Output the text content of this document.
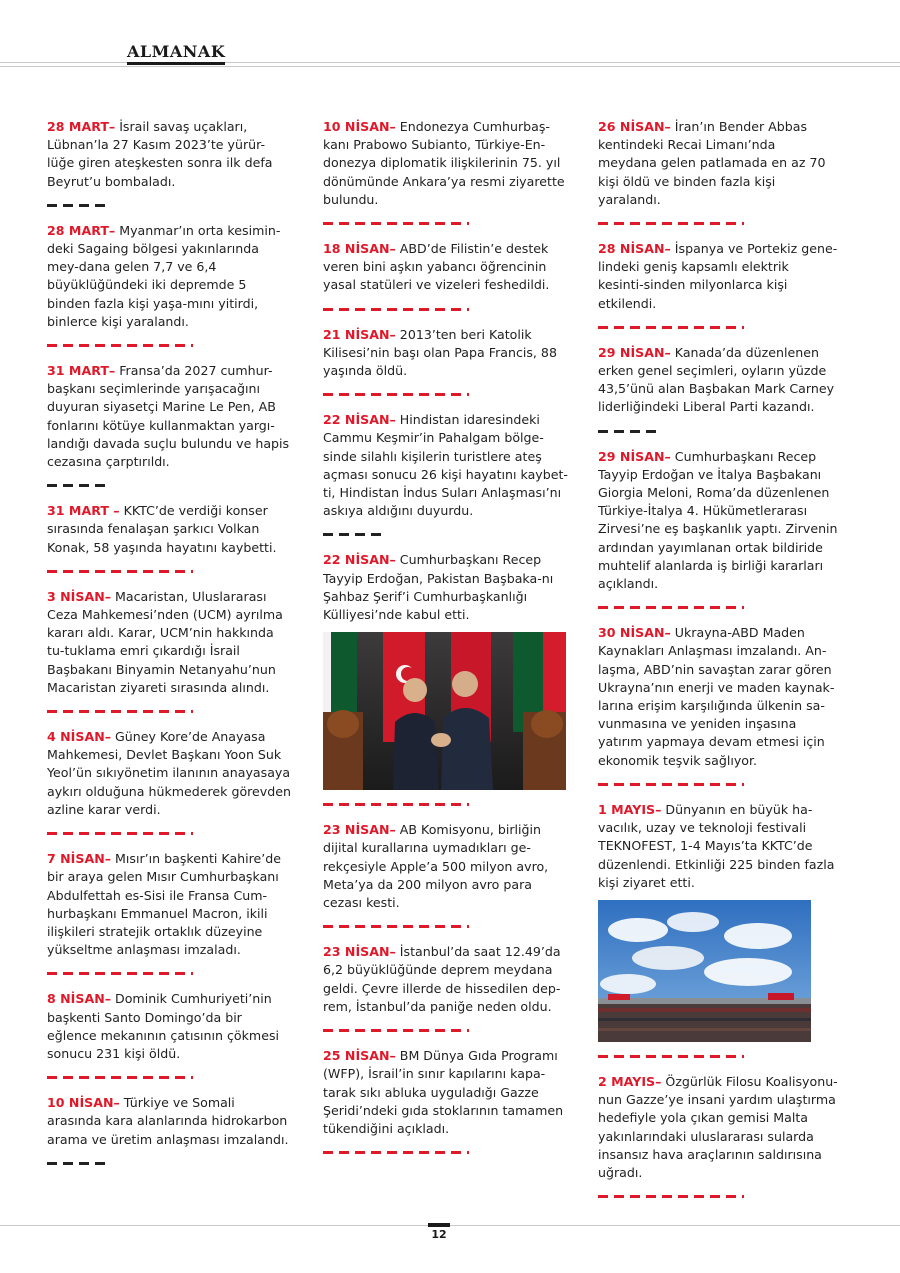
ALMANAK

28 MART– İsrail savaş uçakları, Lübnan’la 27 Kasım 2023’te yürür-lüğe giren ateşkesten sonra ilk defa Beyrut’u bombaladı.

28 MART– Myanmar’ın orta kesimin-deki Sagaing bölgesi yakınlarında mey-dana gelen 7,7 ve 6,4 büyüklüğündeki iki depremde 5 binden fazla kişi yaşa-mını yitirdi, binlerce kişi yaralandı.

31 MART– Fransa’da 2027 cumhur-başkanı seçimlerinde yarışacağını duyuran siyasetçi Marine Le Pen, AB fonlarını kötüye kullanmaktan yargı-landığı davada suçlu bulundu ve hapis cezasına çarptırıldı.

31 MART – KKTC’de verdiği konser sırasında fenalaşan şarkıcı Volkan Konak, 58 yaşında hayatını kaybetti.

3 NİSAN– Macaristan, Uluslararası Ceza Mahkemesi’nden (UCM) ayrılma kararı aldı. Karar, UCM’nin hakkında tu-tuklama emri çıkardığı İsrail Başbakanı Binyamin Netanyahu’nun Macaristan ziyareti sırasında alındı.

4 NİSAN– Güney Kore’de Anayasa Mahkemesi, Devlet Başkanı Yoon Suk Yeol’ün sıkıyönetim ilanının anayasaya aykırı olduğuna hükmederek görevden azline karar verdi.

7 NİSAN– Mısır’ın başkenti Kahire’de bir araya gelen Mısır Cumhurbaşkanı Abdulfettah es-Sisi ile Fransa Cum-hurbaşkanı Emmanuel Macron, ikili ilişkileri stratejik ortaklık düzeyine yükseltme anlaşması imzaladı.

8 NİSAN– Dominik Cumhuriyeti’nin başkenti Santo Domingo’da bir eğlence mekanının çatısının çökmesi sonucu 231 kişi öldü.

10 NİSAN– Türkiye ve Somali arasında kara alanlarında hidrokarbon arama ve üretim anlaşması imzalandı.

10 NİSAN– Endonezya Cumhurbaş-kanı Prabowo Subianto, Türkiye-En-donezya diplomatik ilişkilerinin 75. yıl dönümünde Ankara’ya resmi ziyarette bulundu.

18 NİSAN– ABD’de Filistin’e destek veren bini aşkın yabancı öğrencinin yasal statüleri ve vizeleri feshedildi.

21 NİSAN– 2013’ten beri Katolik Kilisesi’nin başı olan Papa Francis, 88 yaşında öldü.

22 NİSAN– Hindistan idaresindeki Cammu Keşmir’in Pahalgam bölge-sinde silahlı kişilerin turistlere ateş açması sonucu 26 kişi hayatını kaybet-ti, Hindistan İndus Suları Anlaşması’nı askıya aldığını duyurdu.

22 NİSAN– Cumhurbaşkanı Recep Tayyip Erdoğan, Pakistan Başbaka-nı Şahbaz Şerif’i Cumhurbaşkanlığı Külliyesi’nde kabul etti.

23 NİSAN– AB Komisyonu, birliğin dijital kurallarına uymadıkları ge-rekçesiyle Apple’a 500 milyon avro, Meta’ya da 200 milyon avro para cezası kesti.

23 NİSAN– İstanbul’da saat 12.49’da 6,2 büyüklüğünde deprem meydana geldi. Çevre illerde de hissedilen dep-rem, İstanbul’da paniğe neden oldu.

25 NİSAN– BM Dünya Gıda Programı (WFP), İsrail’in sınır kapılarını kapa-tarak sıkı abluka uyguladığı Gazze Şeridi’ndeki gıda stoklarının tamamen tükendiğini açıkladı.

26 NİSAN– İran’ın Bender Abbas kentindeki Recai Limanı’nda meydana gelen patlamada en az 70 kişi öldü ve binden fazla kişi yaralandı.

28 NİSAN– İspanya ve Portekiz gene-lindeki geniş kapsamlı elektrik kesinti-sinden milyonlarca kişi etkilendi.

29 NİSAN– Kanada’da düzenlenen erken genel seçimleri, oyların yüzde 43,5’ünü alan Başbakan Mark Carney liderliğindeki Liberal Parti kazandı.

29 NİSAN– Cumhurbaşkanı Recep Tayyip Erdoğan ve İtalya Başbakanı Giorgia Meloni, Roma’da düzenlenen Türkiye-İtalya 4. Hükümetlerarası Zirvesi’ne eş başkanlık yaptı. Zirvenin ardından yayımlanan ortak bildiride muhtelif alanlarda iş birliği kararları açıklandı.

30 NİSAN– Ukrayna-ABD Maden Kaynakları Anlaşması imzalandı. An-laşma, ABD’nin savaştan zarar gören Ukrayna’nın enerji ve maden kaynak-larına erişim karşılığında ülkenin sa-vunmasına ve yeniden inşasına yatırım yapmaya devam etmesi için ekonomik teşvik sağlıyor.

1 MAYIS– Dünyanın en büyük ha-vacılık, uzay ve teknoloji festivali TEKNOFEST, 1-4 Mayıs’ta KKTC’de düzenlendi. Etkinliği 225 binden fazla kişi ziyaret etti.

2 MAYIS– Özgürlük Filosu Koalisyonu-nun Gazze’ye insani yardım ulaştırma hedefiyle yola çıkan gemisi Malta yakınlarındaki uluslararası sularda insansız hava araçlarının saldırısına uğradı.

12
